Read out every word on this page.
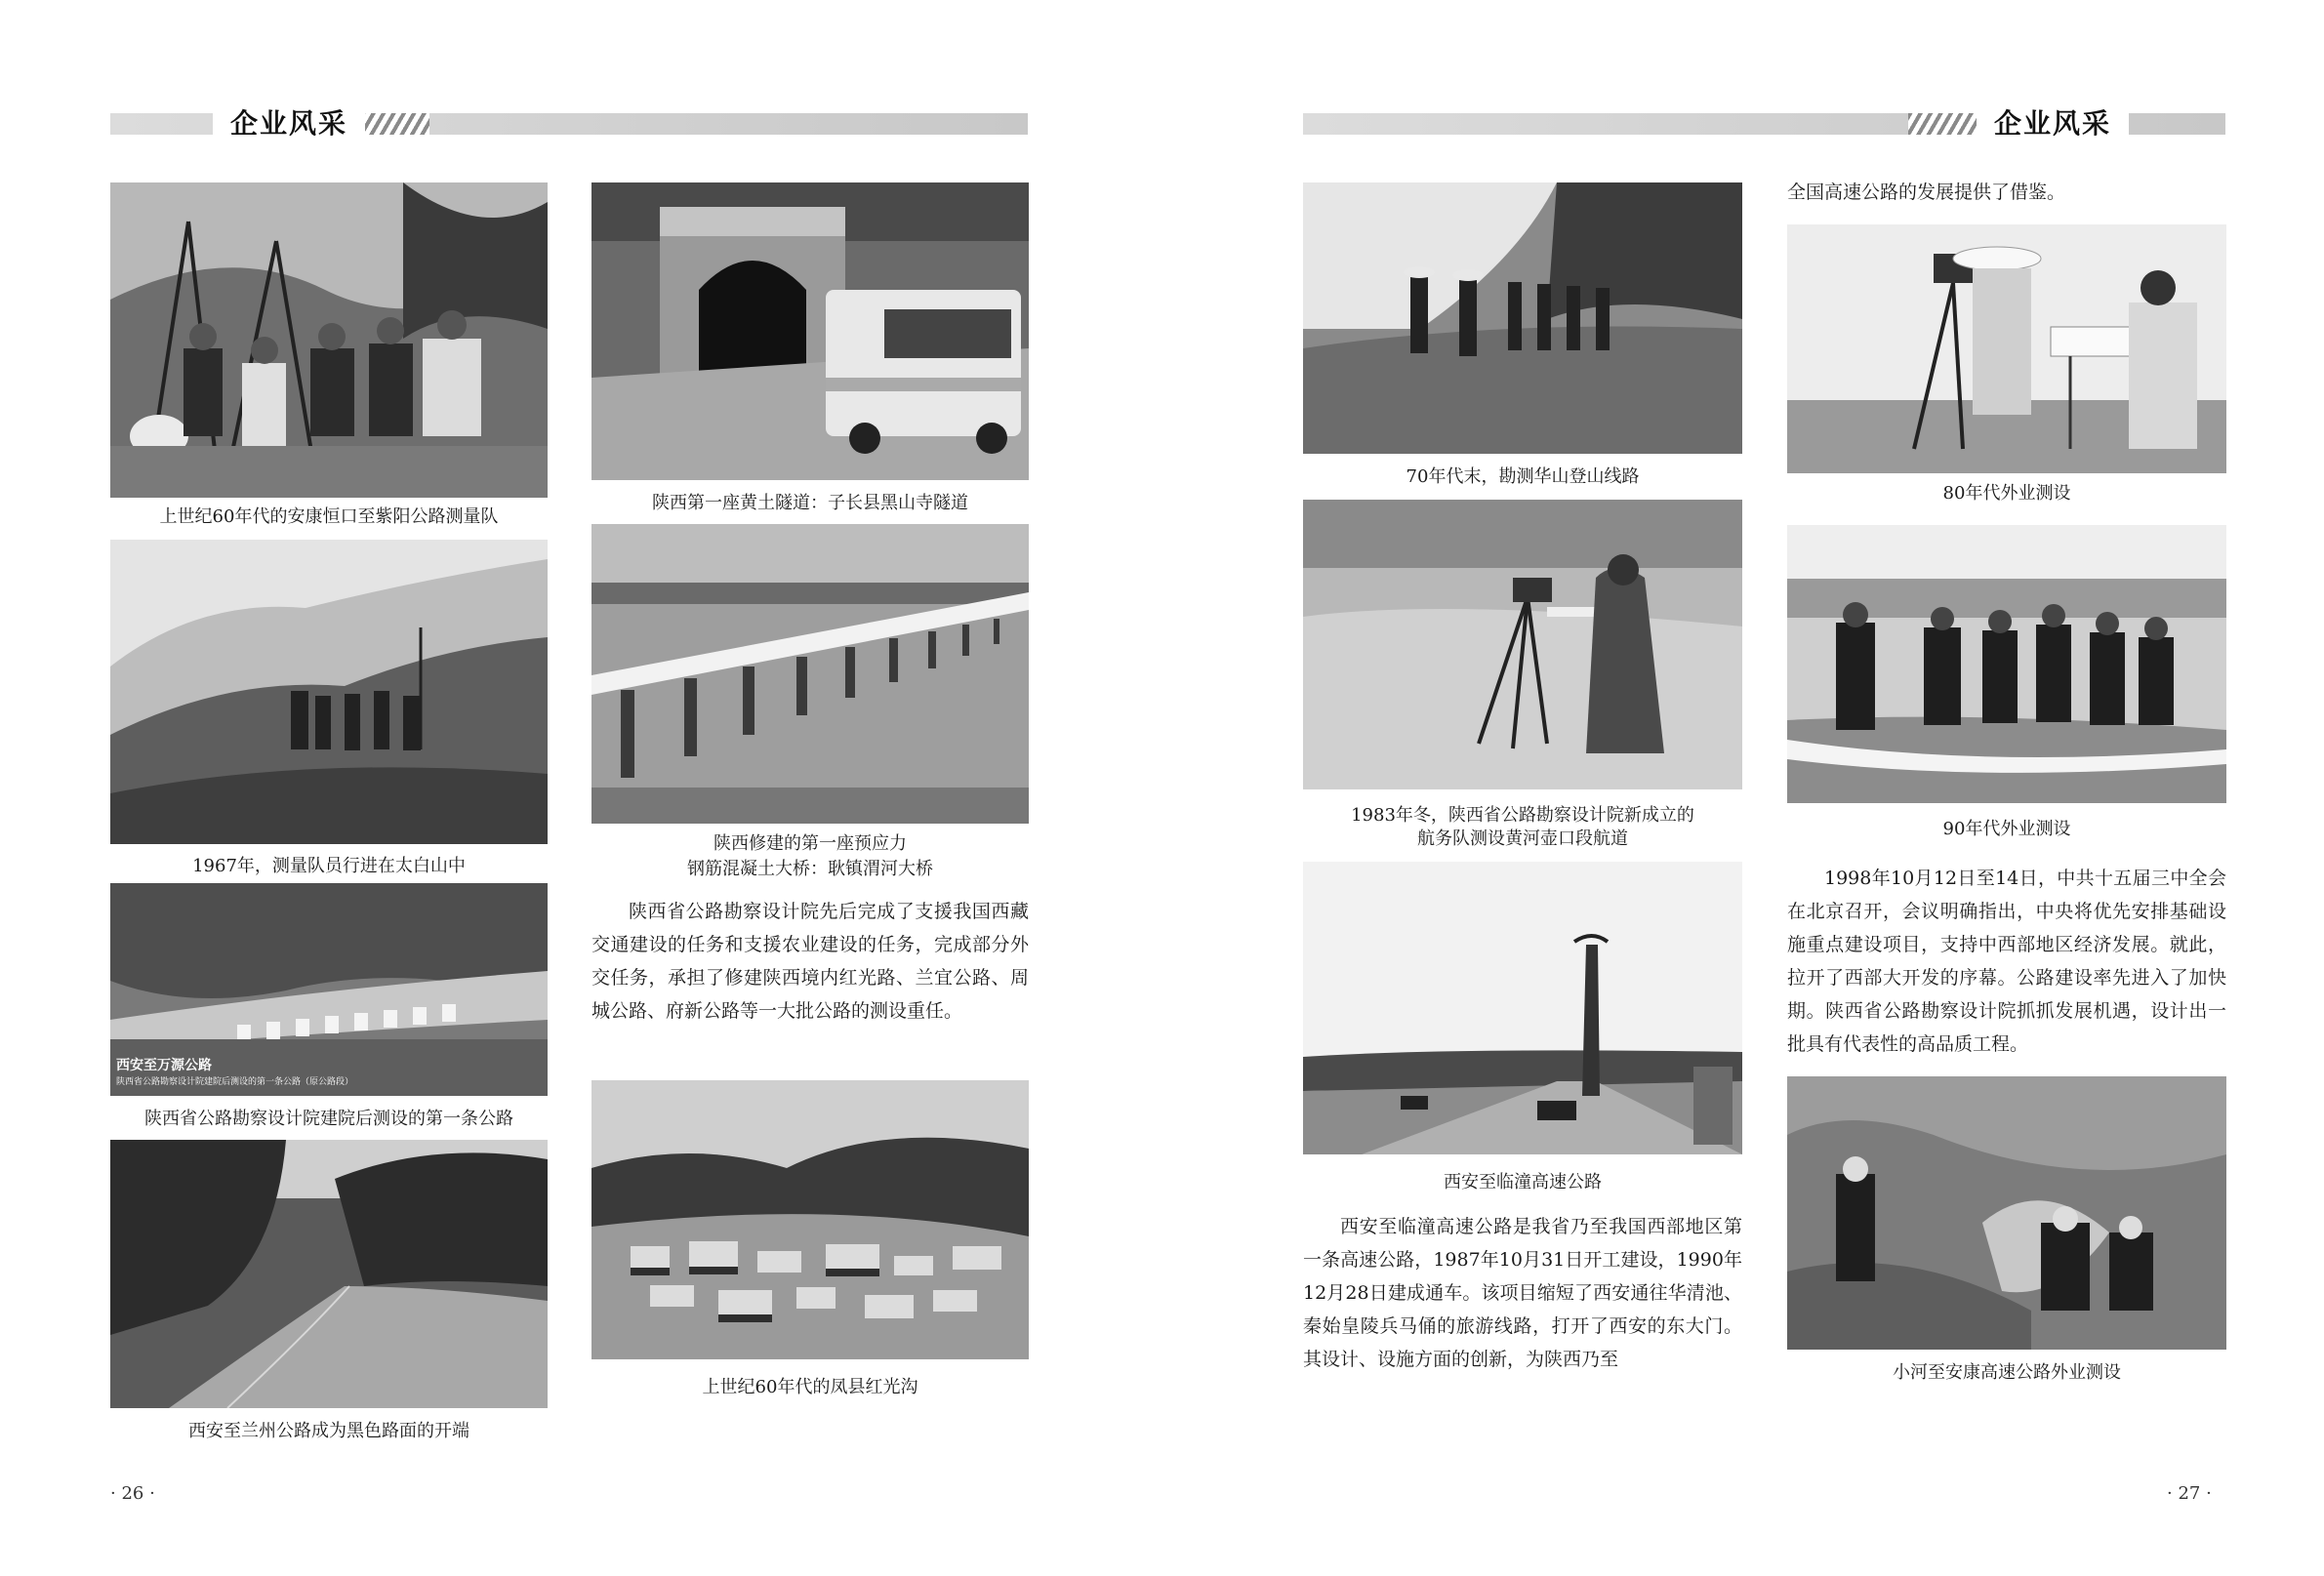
企业风采	企业风采
上世纪60年代的安康恒口至紫阳公路测量队
陕西第一座黄土隧道：子长县黑山寺隧道
1967年，测量队员行进在太白山中
陕西修建的第一座预应力
钢筋混凝土大桥：耿镇渭河大桥
西安至万源公路
陕西省公路勘察设计院建院后测设的第一条公路（原公路段）
陕西省公路勘察设计院建院后测设的第一条公路
上世纪60年代的凤县红光沟
西安至兰州公路成为黑色路面的开端
陕西省公路勘察设计院先后完成了支援我国西藏交通建设的任务和支援农业建设的任务，完成部分外交任务，承担了修建陕西境内红光路、兰宜公路、周城公路、府新公路等一大批公路的测设重任。
· 26 ·
全国高速公路的发展提供了借鉴。
70年代末，勘测华山登山线路
80年代外业测设
1983年冬，陕西省公路勘察设计院新成立的
航务队测设黄河壶口段航道	90年代外业测设
西安至临潼高速公路
小河至安康高速公路外业测设
西安至临潼高速公路是我省乃至我国西部地区第一条高速公路，1987年10月31日开工建设，1990年12月28日建成通车。该项目缩短了西安通往华清池、秦始皇陵兵马俑的旅游线路，打开了西安的东大门。其设计、设施方面的创新，为陕西乃至
1998年10月12日至14日，中共十五届三中全会在北京召开，会议明确指出，中央将优先安排基础设施重点建设项目，支持中西部地区经济发展。就此，拉开了西部大开发的序幕。公路建设率先进入了加快期。陕西省公路勘察设计院抓抓发展机遇，设计出一批具有代表性的高品质工程。
· 27 ·
